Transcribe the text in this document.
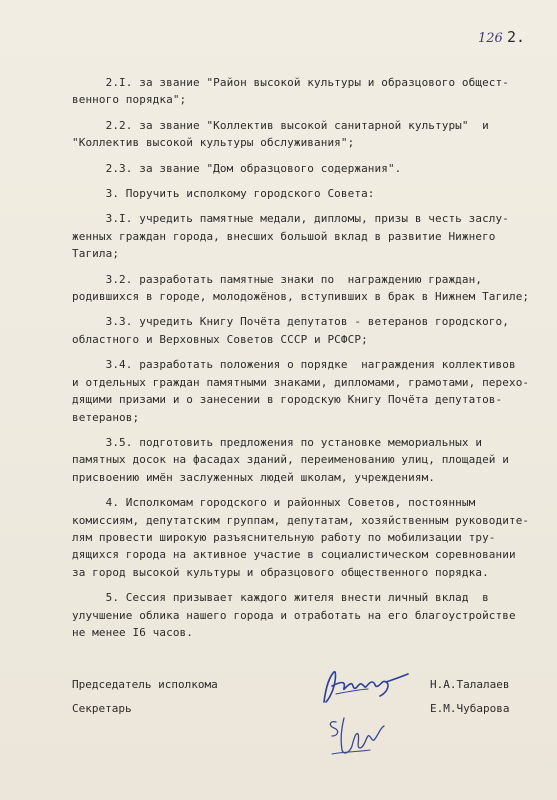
126 2.
2.I. за звание "Район высокой культуры и образцового общест-
венного порядка";
2.2. за звание "Коллектив высокой санитарной культуры"  и
"Коллектив высокой культуры обслуживания";
2.3. за звание "Дом образцового содержания".
3. Поручить исполкому городского Совета:
3.I. учредить памятные медали, дипломы, призы в честь заслу-
женных граждан города, внесших большой вклад в развитие Нижнего
Тагила;
3.2. разработать памятные знаки по  награждению граждан,
родившихся в городе, молодожёнов, вступивших в брак в Нижнем Тагиле;
3.3. учредить Книгу Почёта депутатов - ветеранов городского,
областного и Верховных Советов СССР и РСФСР;
3.4. разработать положения о порядке  награждения коллективов
и отдельных граждан памятными знаками, дипломами, грамотами, перехо-
дящими призами и о занесении в городскую Книгу Почёта депутатов-
ветеранов;
3.5. подготовить предложения по установке мемориальных и
памятных досок на фасадах зданий, переименованию улиц, площадей и
присвоению имён заслуженных людей школам, учреждениям.
4. Исполкомам городского и районных Советов, постоянным
комиссиям, депутатским группам, депутатам, хозяйственным руководите-
лям провести широкую разъяснительную работу по мобилизации тру-
дящихся города на активное участие в социалистическом соревновании
за город высокой культуры и образцового общественного порядка.
5. Сессия призывает каждого жителя внести личный вклад  в
улучшение облика нашего города и отработать на его благоустройстве
не менее I6 часов.
Председатель исполкома	Н.А.Талалаев
Секретарь	Е.М.Чубарова
